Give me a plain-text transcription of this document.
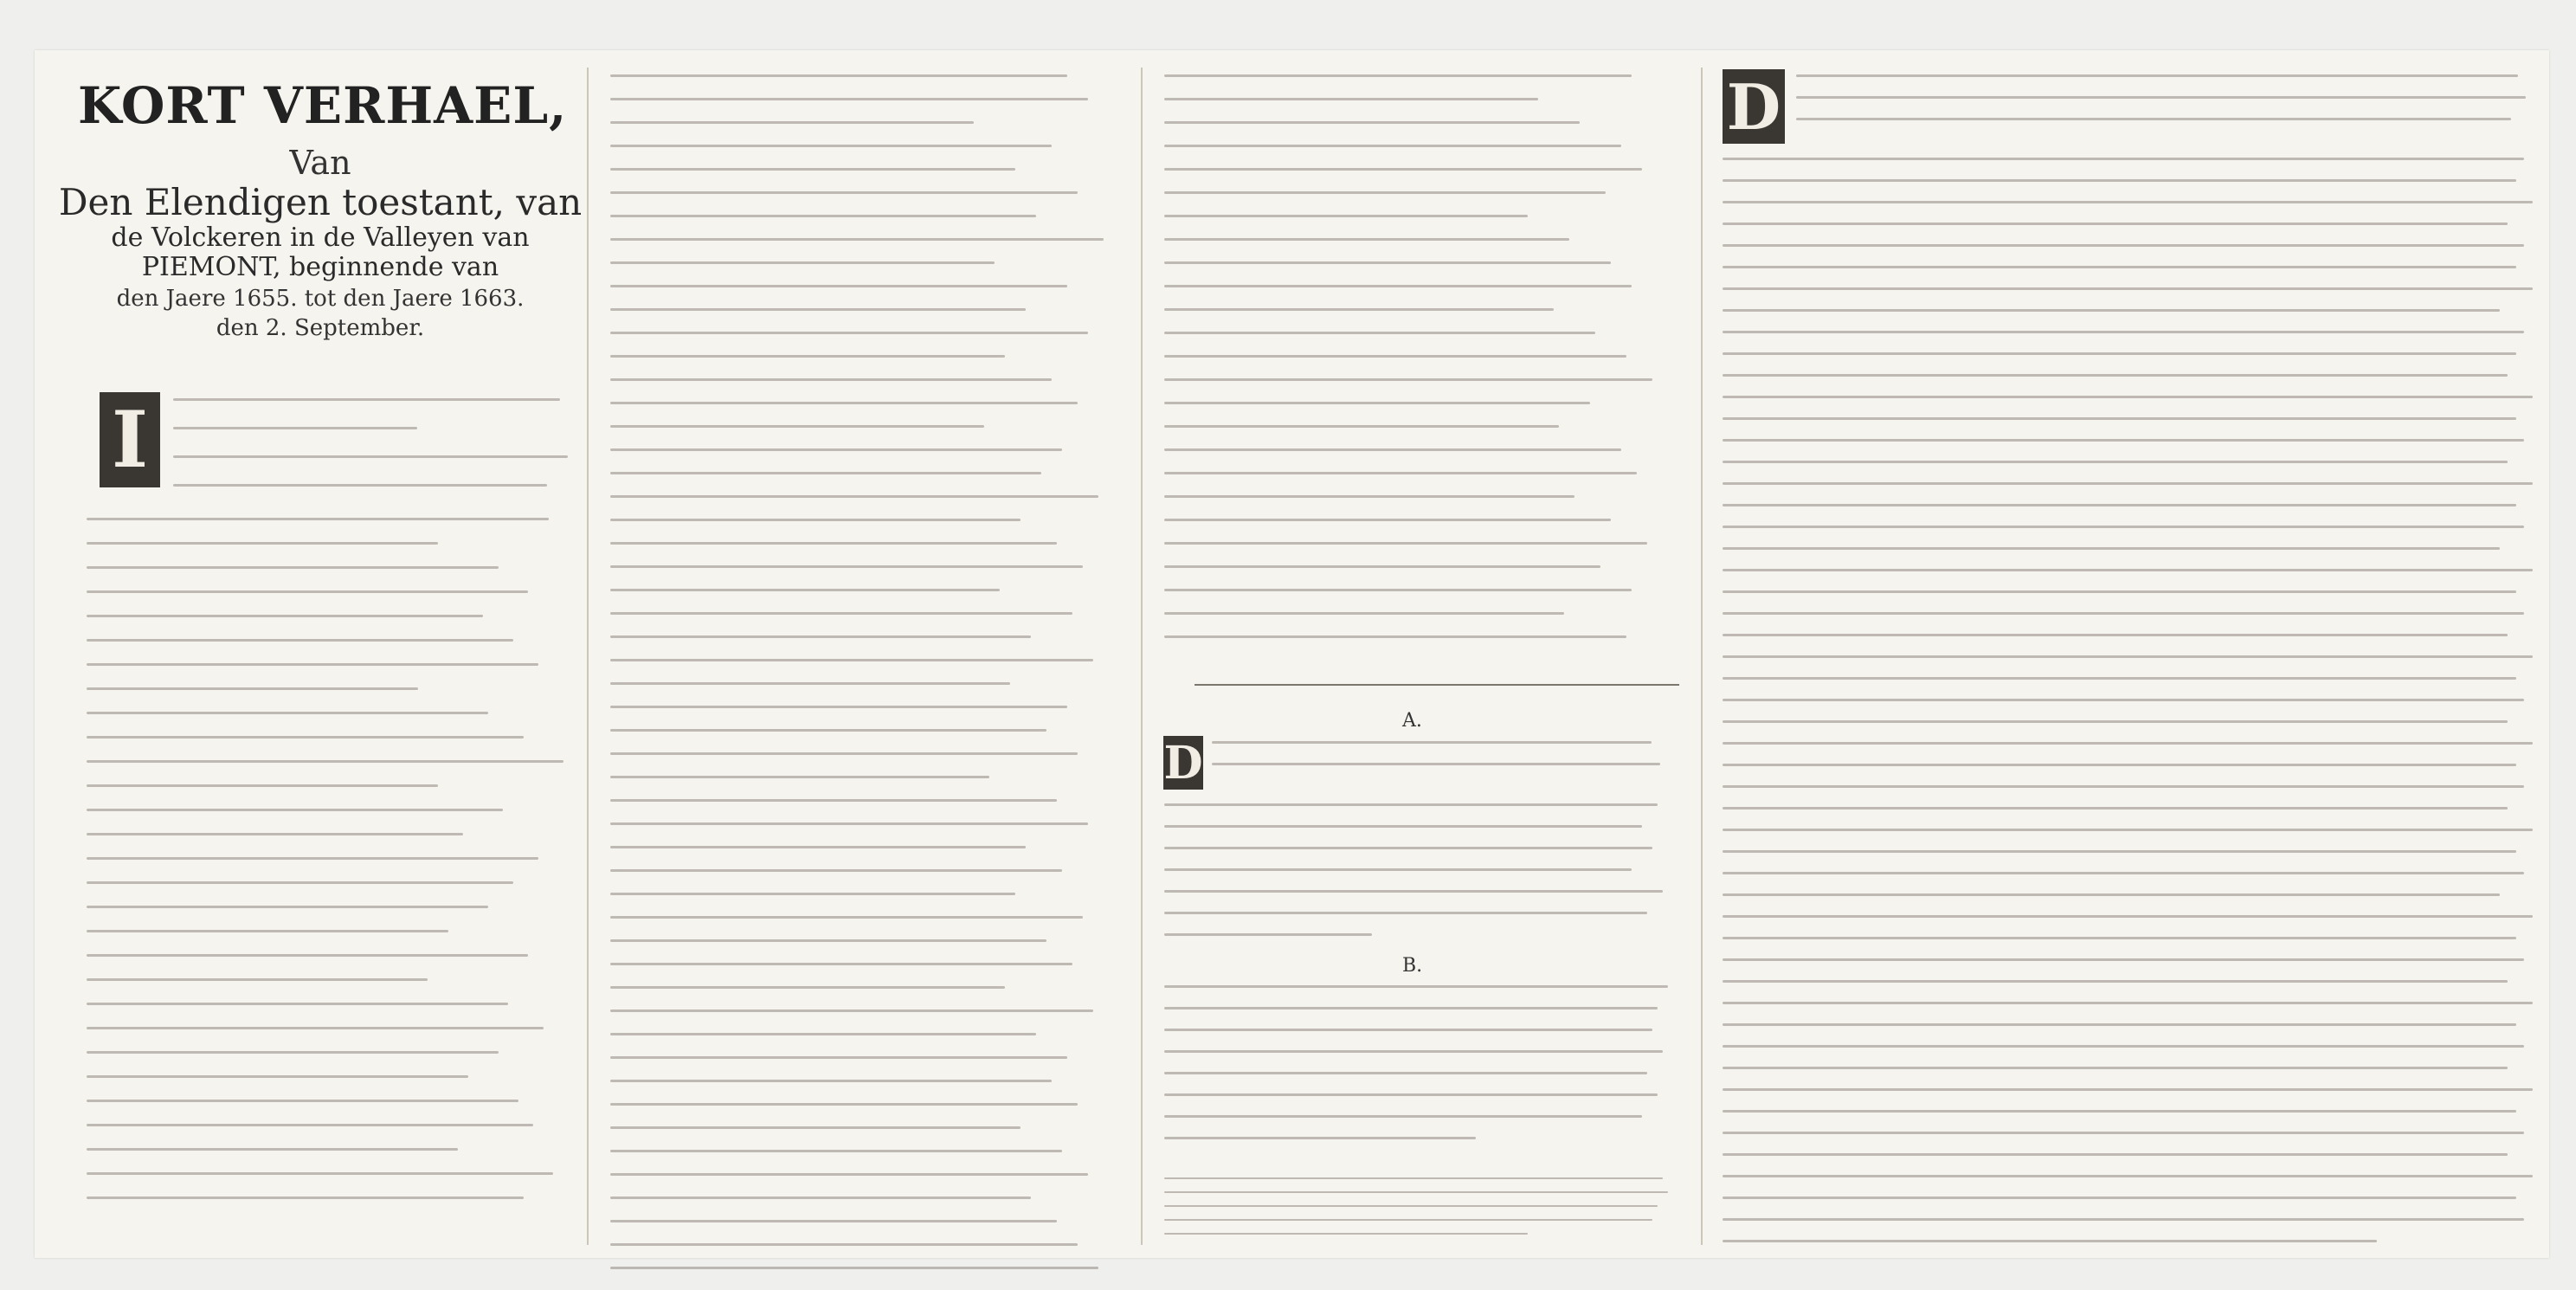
KORT VERHAEL,
Van
Den Elendigen toestant, van
de Volckeren in de Valleyen van
PIEMONT, beginnende van
den Jaere 1655. tot den Jaere 1663.
den 2. September.
I
A.
D
B.
D
